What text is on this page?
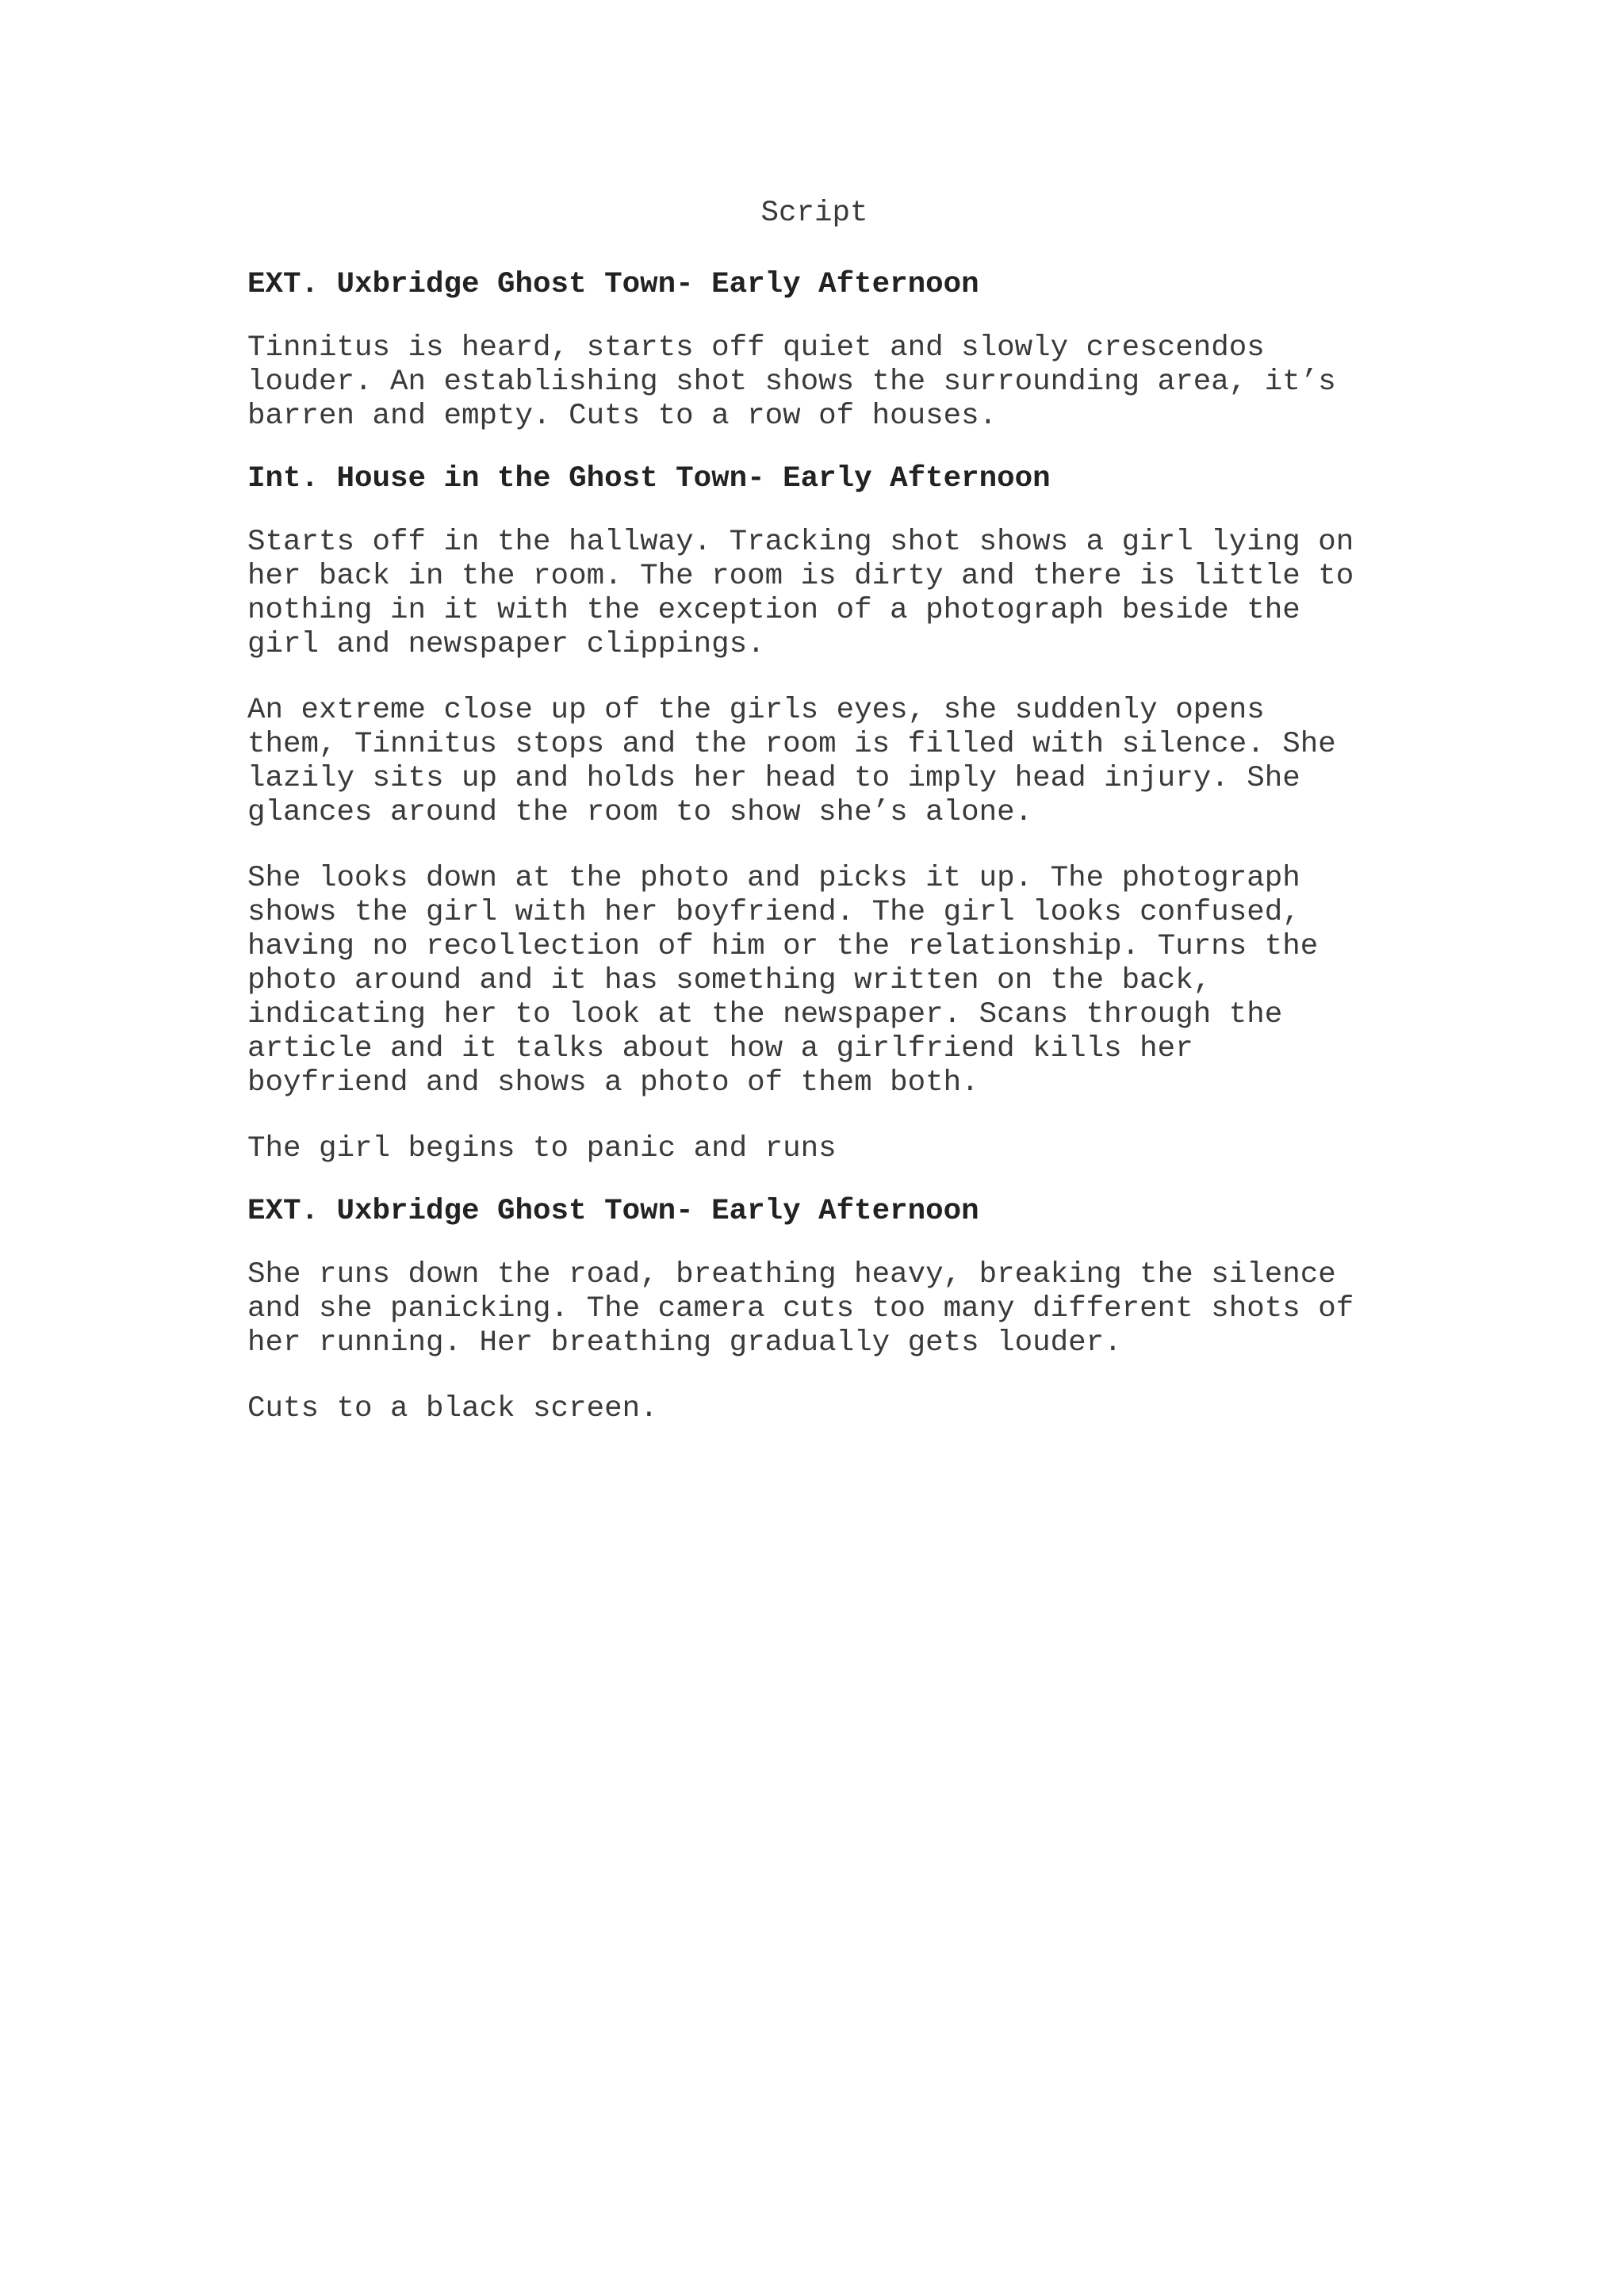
Script
EXT. Uxbridge Ghost Town- Early Afternoon
Tinnitus is heard, starts off quiet and slowly crescendos
louder. An establishing shot shows the surrounding area, it’s
barren and empty. Cuts to a row of houses.
Int. House in the Ghost Town- Early Afternoon
Starts off in the hallway. Tracking shot shows a girl lying on
her back in the room. The room is dirty and there is little to
nothing in it with the exception of a photograph beside the
girl and newspaper clippings.
An extreme close up of the girls eyes, she suddenly opens
them, Tinnitus stops and the room is filled with silence. She
lazily sits up and holds her head to imply head injury. She
glances around the room to show she’s alone.
She looks down at the photo and picks it up. The photograph
shows the girl with her boyfriend. The girl looks confused,
having no recollection of him or the relationship. Turns the
photo around and it has something written on the back,
indicating her to look at the newspaper. Scans through the
article and it talks about how a girlfriend kills her
boyfriend and shows a photo of them both.
The girl begins to panic and runs
EXT. Uxbridge Ghost Town- Early Afternoon
She runs down the road, breathing heavy, breaking the silence
and she panicking. The camera cuts too many different shots of
her running. Her breathing gradually gets louder.
Cuts to a black screen.
